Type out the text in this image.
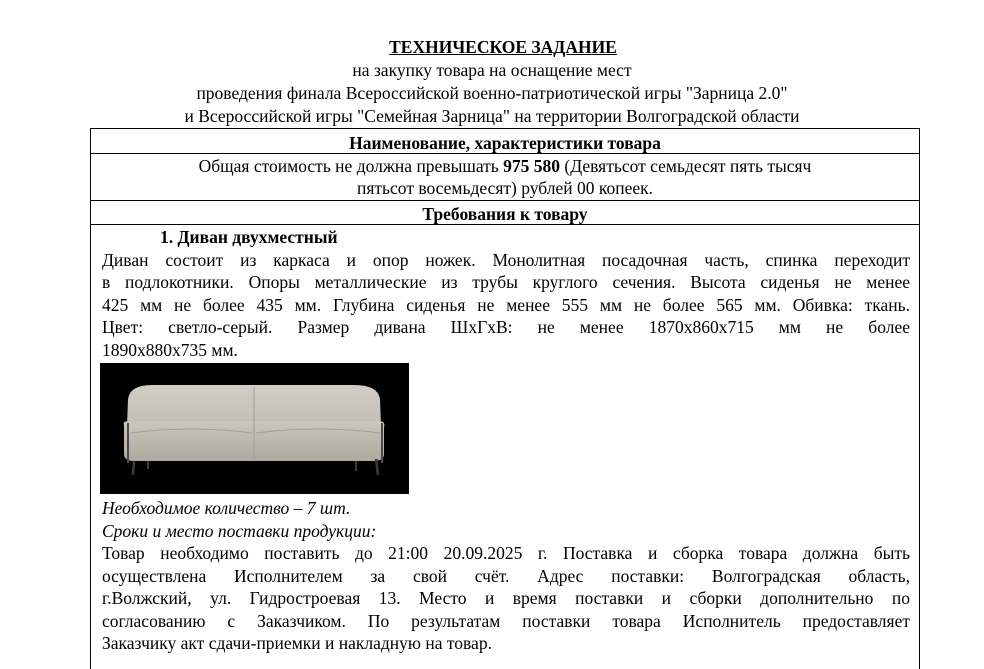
ТЕХНИЧЕСКОЕ ЗАДАНИЕ
на закупку товара на оснащение мест
проведения финала Всероссийской военно-патриотической игры "Зарница 2.0"
и Всероссийской игры "Семейная Зарница" на территории Волгоградской области
Наименование, характеристики товара
Общая стоимость не должна превышать 975 580 (Девятьсот семьдесят пять тысяч
пятьсот восемьдесят) рублей 00 копеек.
Требования к товару
1. Диван двухместный
Диван состоит из каркаса и опор ножек. Монолитная посадочная часть, спинка переходит
в подлокотники. Опоры металлические из трубы круглого сечения. Высота сиденья не менее
425 мм не более 435 мм. Глубина сиденья не менее 555 мм не более 565 мм. Обивка: ткань.
Цвет: светло-серый. Размер дивана ШхГхВ: не менее 1870х860х715 мм не более
1890х880х735 мм.
Необходимое количество – 7 шт.
Сроки и место поставки продукции:
Товар необходимо поставить до 21:00 20.09.2025 г. Поставка и сборка товара должна быть
осуществлена Исполнителем за свой счёт. Адрес поставки: Волгоградская область,
г.Волжский, ул. Гидростроевая 13. Место и время поставки и сборки дополнительно по
согласованию с Заказчиком. По результатам поставки товара Исполнитель предоставляет
Заказчику акт сдачи-приемки и накладную на товар.
